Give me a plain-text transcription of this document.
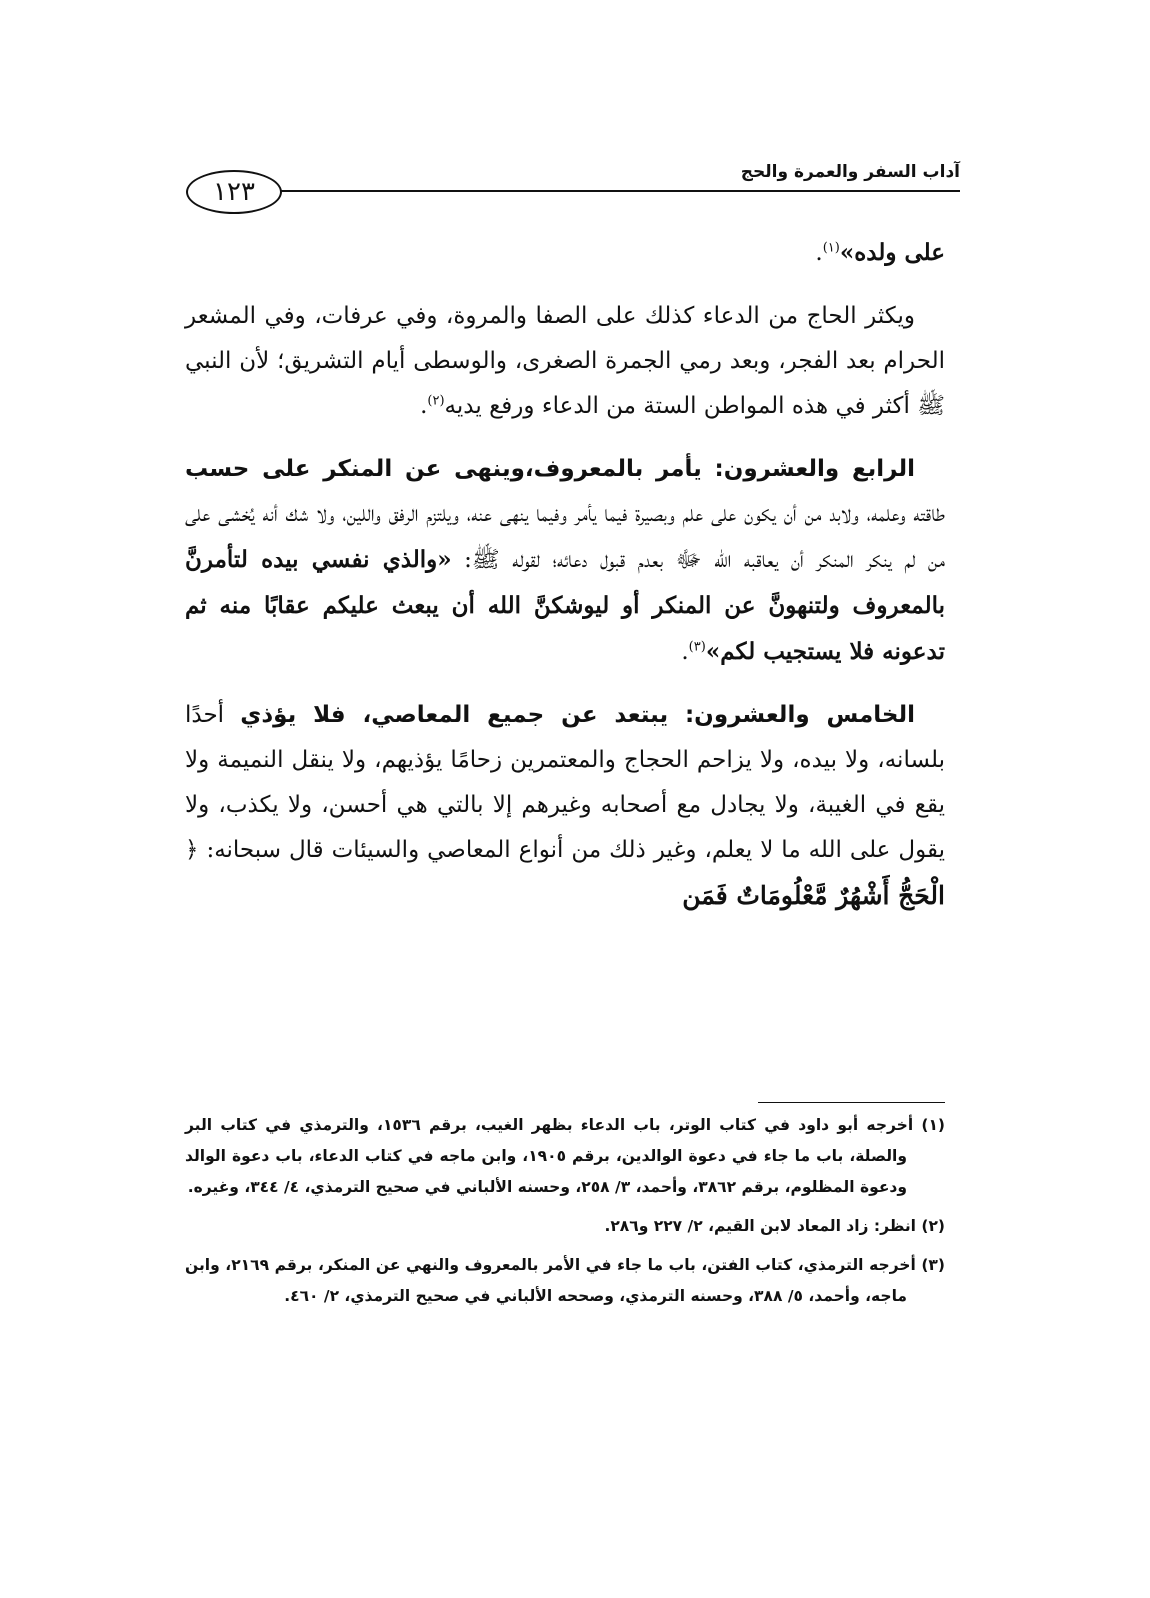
آداب السفر والعمرة والحج
١٢٣

على ولده»$^{(١)}$.

ويكثر الحاج من الدعاء كذلك على الصفا والمروة، وفي عرفات، وفي المشعر الحرام بعد الفجر، وبعد رمي الجمرة الصغرى، والوسطى أيام التشريق؛ لأن النبي ﷺ أكثر في هذه المواطن الستة من الدعاء ورفع يديه$^{(٢)}$.

الرابع والعشرون: يأمر بالمعروف،وينهى عن المنكر على حسب طاقته وعلمه، ولابد من أن يكون على علم وبصيرة فيما يأمر وفيما ينهى عنه، ويلتزم الرفق واللين، ولا شك أنه يُخشى على من لم ينكر المنكر أن يعاقبه الله ﷻ بعدم قبول دعائه؛ لقوله ﷺ: «والذي نفسي بيده لتأمرنَّ بالمعروف ولتنهونَّ عن المنكر أو ليوشكنَّ الله أن يبعث عليكم عقابًا منه ثم تدعونه فلا يستجيب لكم»$^{(٣)}$.

الخامس والعشرون: يبتعد عن جميع المعاصي، فلا يؤذي أحدًا بلسانه، ولا بيده، ولا يزاحم الحجاج والمعتمرين زحامًا يؤذيهم، ولا ينقل النميمة ولا يقع في الغيبة، ولا يجادل مع أصحابه وغيرهم إلا بالتي هي أحسن، ولا يكذب، ولا يقول على الله ما لا يعلم، وغير ذلك من أنواع المعاصي والسيئات قال سبحانه: ﴿ الْحَجُّ أَشْهُرٌ مَّعْلُومَاتٌ فَمَن

(١) أخرجه أبو داود في كتاب الوتر، باب الدعاء بظهر الغيب، برقم ١٥٣٦، والترمذي في كتاب البر والصلة، باب ما جاء في دعوة الوالدين، برقم ١٩٠٥، وابن ماجه في كتاب الدعاء، باب دعوة الوالد ودعوة المظلوم، برقم ٣٨٦٢، وأحمد، ٣/ ٢٥٨، وحسنه الألباني في صحيح الترمذي، ٤/ ٣٤٤، وغيره.

(٢) انظر: زاد المعاد لابن القيم، ٢/ ٢٢٧ و٢٨٦.

(٣) أخرجه الترمذي، كتاب الفتن، باب ما جاء في الأمر بالمعروف والنهي عن المنكر، برقم ٢١٦٩، وابن ماجه، وأحمد، ٥/ ٣٨٨، وحسنه الترمذي، وصححه الألباني في صحيح الترمذي، ٢/ ٤٦٠.
